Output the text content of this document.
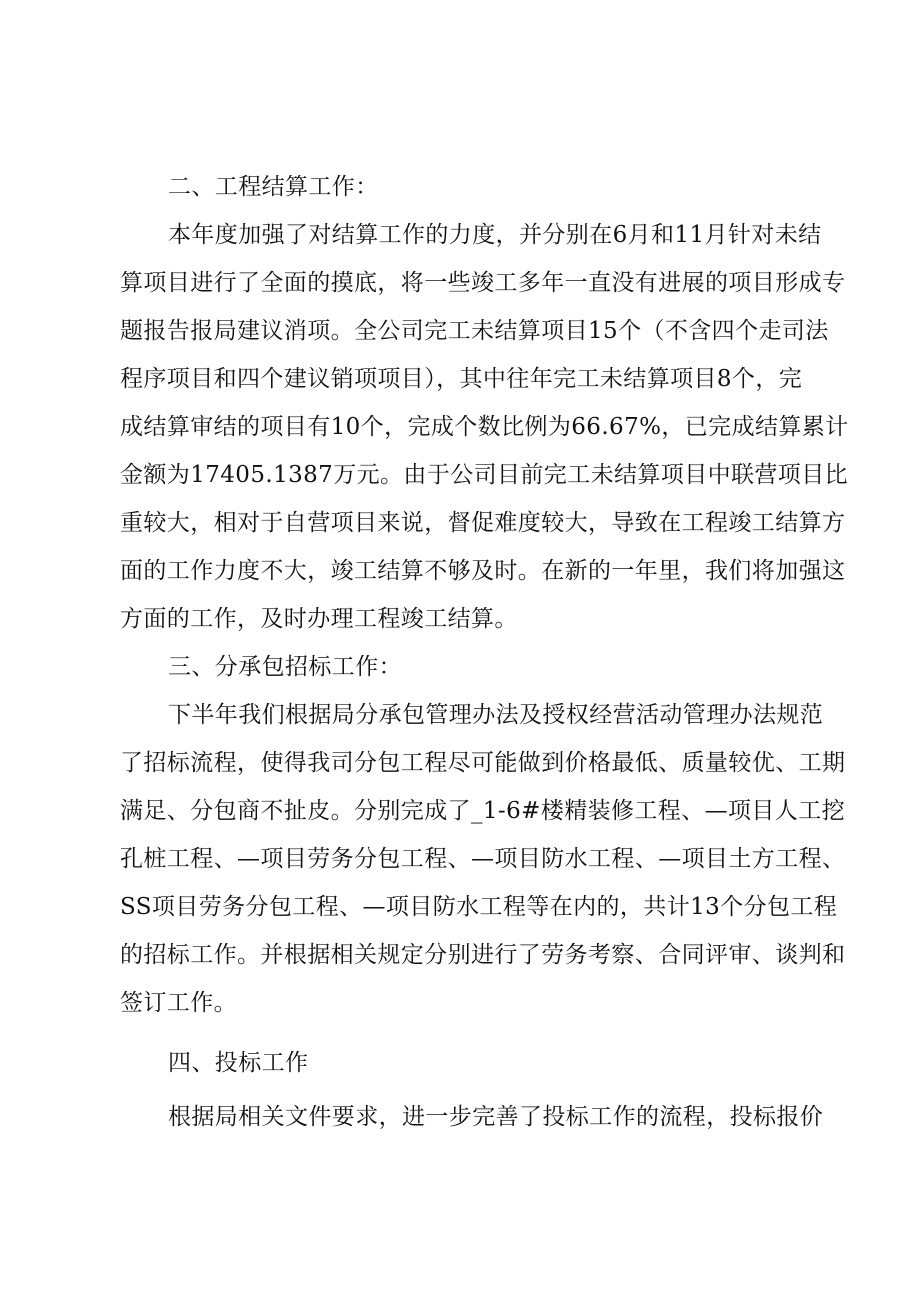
二、工程结算工作：
本年度加强了对结算工作的力度，并分别在6月和11月针对未结
算项目进行了全面的摸底，将一些竣工多年一直没有进展的项目形成专
题报告报局建议消项。全公司完工未结算项目15个（不含四个走司法
程序项目和四个建议销项项目），其中往年完工未结算项目8个，完
成结算审结的项目有10个，完成个数比例为66.67%，已完成结算累计
金额为17405.1387万元。由于公司目前完工未结算项目中联营项目比
重较大，相对于自营项目来说，督促难度较大，导致在工程竣工结算方
面的工作力度不大，竣工结算不够及时。在新的一年里，我们将加强这
方面的工作，及时办理工程竣工结算。
三、分承包招标工作：
下半年我们根据局分承包管理办法及授权经营活动管理办法规范
了招标流程，使得我司分包工程尽可能做到价格最低、质量较优、工期
满足、分包商不扯皮。分别完成了_1-6#楼精装修工程、—项目人工挖
孔桩工程、—项目劳务分包工程、—项目防水工程、—项目土方工程、
SS项目劳务分包工程、—项目防水工程等在内的，共计13个分包工程
的招标工作。并根据相关规定分别进行了劳务考察、合同评审、谈判和
签订工作。
四、投标工作
根据局相关文件要求，进一步完善了投标工作的流程，投标报价
